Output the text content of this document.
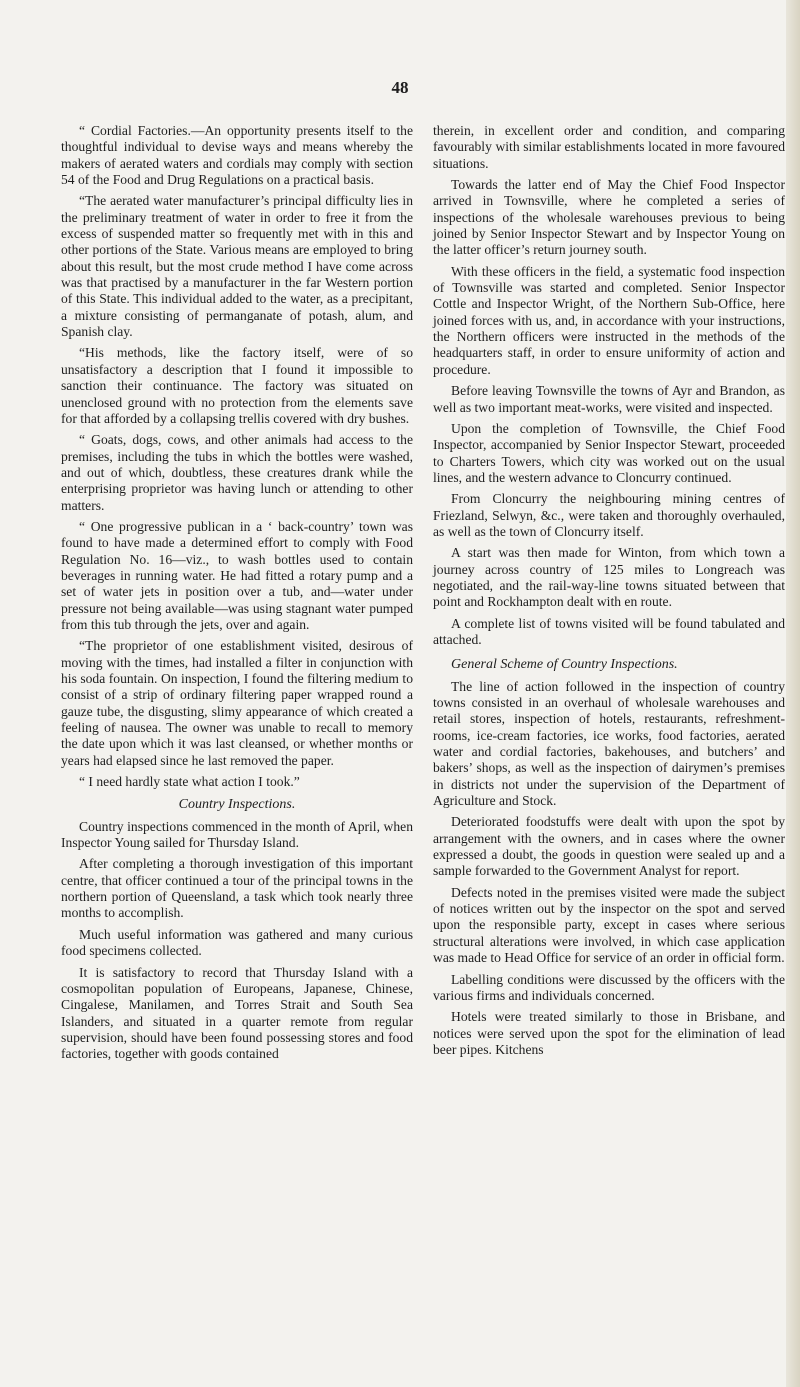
48

“ Cordial Factories.—An opportunity presents itself to the thoughtful individual to devise ways and means whereby the makers of aerated waters and cordials may comply with section 54 of the Food and Drug Regulations on a practical basis.

“The aerated water manufacturer’s principal difficulty lies in the preliminary treatment of water in order to free it from the excess of suspended matter so frequently met with in this and other portions of the State. Various means are employed to bring about this result, but the most crude method I have come across was that practised by a manufacturer in the far Western portion of this State. This individual added to the water, as a precipitant, a mixture consisting of permanganate of potash, alum, and Spanish clay.

“His methods, like the factory itself, were of so unsatisfactory a description that I found it impossible to sanction their continuance. The factory was situated on unenclosed ground with no protection from the elements save for that afforded by a collapsing trellis covered with dry bushes.

“ Goats, dogs, cows, and other animals had access to the premises, including the tubs in which the bottles were washed, and out of which, doubtless, these creatures drank while the enterprising proprietor was having lunch or attending to other matters.

“ One progressive publican in a ‘ back-country’ town was found to have made a determined effort to comply with Food Regulation No. 16—viz., to wash bottles used to contain beverages in running water. He had fitted a rotary pump and a set of water jets in position over a tub, and—water under pressure not being available—was using stagnant water pumped from this tub through the jets, over and again.

“The proprietor of one establishment visited, desirous of moving with the times, had installed a filter in conjunction with his soda fountain. On inspection, I found the filtering medium to consist of a strip of ordinary filtering paper wrapped round a gauze tube, the disgusting, slimy appearance of which created a feeling of nausea. The owner was unable to recall to memory the date upon which it was last cleansed, or whether months or years had elapsed since he last removed the paper.

“ I need hardly state what action I took.”

Country Inspections.

Country inspections commenced in the month of April, when Inspector Young sailed for Thursday Island.

After completing a thorough investigation of this important centre, that officer continued a tour of the principal towns in the northern portion of Queensland, a task which took nearly three months to accomplish.

Much useful information was gathered and many curious food specimens collected.

It is satisfactory to record that Thursday Island with a cosmopolitan population of Europeans, Japanese, Chinese, Cingalese, Manilamen, and Torres Strait and South Sea Islanders, and situated in a quarter remote from regular supervision, should have been found possessing stores and food factories, together with goods contained

therein, in excellent order and condition, and comparing favourably with similar establishments located in more favoured situations.

Towards the latter end of May the Chief Food Inspector arrived in Townsville, where he completed a series of inspections of the wholesale warehouses previous to being joined by Senior Inspector Stewart and by Inspector Young on the latter officer’s return journey south.

With these officers in the field, a systematic food inspection of Townsville was started and completed. Senior Inspector Cottle and Inspector Wright, of the Northern Sub-Office, here joined forces with us, and, in accordance with your instructions, the Northern officers were instructed in the methods of the headquarters staff, in order to ensure uniformity of action and procedure.

Before leaving Townsville the towns of Ayr and Brandon, as well as two important meat-works, were visited and inspected.

Upon the completion of Townsville, the Chief Food Inspector, accompanied by Senior Inspector Stewart, proceeded to Charters Towers, which city was worked out on the usual lines, and the western advance to Cloncurry continued.

From Cloncurry the neighbouring mining centres of Friezland, Selwyn, &c., were taken and thoroughly overhauled, as well as the town of Cloncurry itself.

A start was then made for Winton, from which town a journey across country of 125 miles to Longreach was negotiated, and the rail-way-line towns situated between that point and Rockhampton dealt with en route.

A complete list of towns visited will be found tabulated and attached.

General Scheme of Country Inspections.

The line of action followed in the inspection of country towns consisted in an overhaul of wholesale warehouses and retail stores, inspection of hotels, restaurants, refreshment-rooms, ice-cream factories, ice works, food factories, aerated water and cordial factories, bakehouses, and butchers’ and bakers’ shops, as well as the inspection of dairymen’s premises in districts not under the supervision of the Department of Agriculture and Stock.

Deteriorated foodstuffs were dealt with upon the spot by arrangement with the owners, and in cases where the owner expressed a doubt, the goods in question were sealed up and a sample forwarded to the Government Analyst for report.

Defects noted in the premises visited were made the subject of notices written out by the inspector on the spot and served upon the responsible party, except in cases where serious structural alterations were involved, in which case application was made to Head Office for service of an order in official form.

Labelling conditions were discussed by the officers with the various firms and individuals concerned.

Hotels were treated similarly to those in Brisbane, and notices were served upon the spot for the elimination of lead beer pipes. Kitchens
